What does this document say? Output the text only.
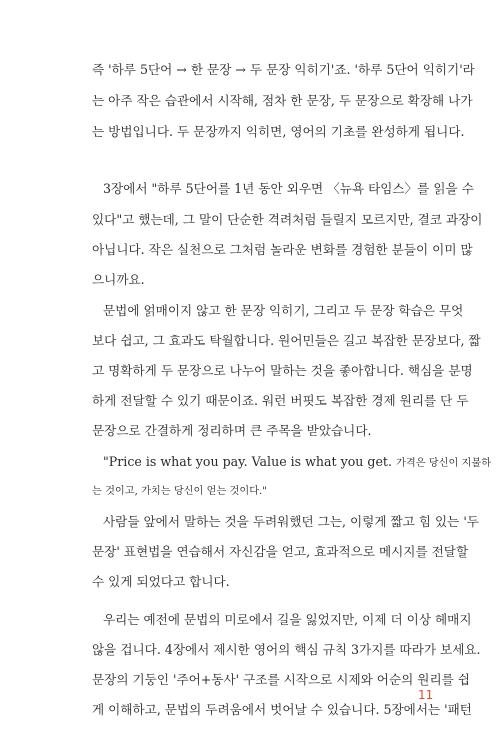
즉 '하루 5단어 → 한 문장 → 두 문장 익히기'죠. '하루 5단어 익히기'라
는 아주 작은 습관에서 시작해, 점차 한 문장, 두 문장으로 확장해 나가
는 방법입니다. 두 문장까지 익히면, 영어의 기초를 완성하게 됩니다.
3장에서 "하루 5단어를 1년 동안 외우면 〈뉴욕 타임스〉를 읽을 수
있다"고 했는데, 그 말이 단순한 격려처럼 들릴지 모르지만, 결코 과장이
아닙니다. 작은 실천으로 그처럼 놀라운 변화를 경험한 분들이 이미 많
으니까요.
문법에 얽매이지 않고 한 문장 익히기, 그리고 두 문장 학습은 무엇
보다 쉽고, 그 효과도 탁월합니다. 원어민들은 길고 복잡한 문장보다, 짧
고 명확하게 두 문장으로 나누어 말하는 것을 좋아합니다. 핵심을 분명
하게 전달할 수 있기 때문이죠. 워런 버핏도 복잡한 경제 원리를 단 두
문장으로 간결하게 정리하며 큰 주목을 받았습니다.
"Price is what you pay. Value is what you get. 가격은 당신이 지불하
는 것이고, 가치는 당신이 얻는 것이다."
사람들 앞에서 말하는 것을 두려워했던 그는, 이렇게 짧고 힘 있는 '두
문장' 표현법을 연습해서 자신감을 얻고, 효과적으로 메시지를 전달할
수 있게 되었다고 합니다.
우리는 예전에 문법의 미로에서 길을 잃었지만, 이제 더 이상 헤매지
않을 겁니다. 4장에서 제시한 영어의 핵심 규칙 3가지를 따라가 보세요.
문장의 기둥인 '주어+동사' 구조를 시작으로 시제와 어순의 원리를 쉽
게 이해하고, 문법의 두려움에서 벗어날 수 있습니다. 5장에서는 '패턴
11
